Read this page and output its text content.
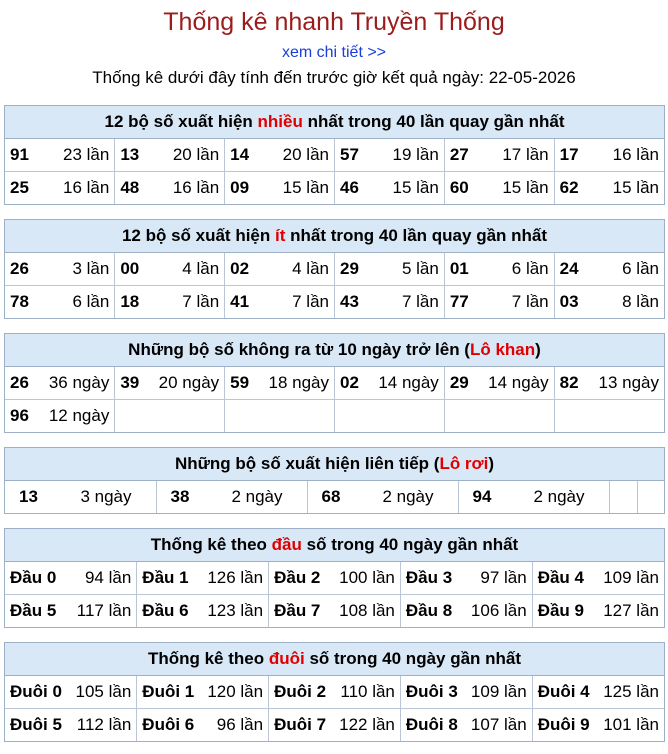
Thống kê nhanh Truyền Thống
xem chi tiết >>
Thống kê dưới đây tính đến trước giờ kết quả ngày: 22-05-2026
12 bộ số xuất hiện nhiều nhất trong 40 lần quay gần nhất
91 23 lần	13 20 lần	14 20 lần	57 19 lần	27 17 lần	17 16 lần

25 16 lần	48 16 lần	09 15 lần	46 15 lần	60 15 lần	62 15 lần
12 bộ số xuất hiện ít nhất trong 40 lần quay gần nhất
26 3 lần	00 4 lần	02 4 lần	29 5 lần	01 6 lần	24 6 lần

78 6 lần	18 7 lần	41 7 lần	43 7 lần	77 7 lần	03 8 lần
Những bộ số không ra từ 10 ngày trở lên (Lô khan)
26 36 ngày	39 20 ngày	59 18 ngày	02 14 ngày	29 14 ngày	82 13 ngày

96 12 ngày					

Những bộ số xuất hiện liên tiếp (Lô rơi)
13	3 ngày	38 2 ngày	68 2 ngày	94 2 ngày

Thống kê theo đầu số trong 40 ngày gần nhất
Đầu 0 94 lần	Đầu 1 126 lần	Đầu 2 100 lần	Đầu 3 97 lần	Đầu 4 109 lần

Đầu 5 117 lần	Đầu 6 123 lần	Đầu 7 108 lần	Đầu 8 106 lần	Đầu 9 127 lần
Thống kê theo đuôi số trong 40 ngày gần nhất
Đuôi 0 105 lần	Đuôi 1 120 lần	Đuôi 2 110 lần	Đuôi 3 109 lần	Đuôi 4 125 lần

Đuôi 5 112 lần	Đuôi 6 96 lần	Đuôi 7 122 lần	Đuôi 8 107 lần	Đuôi 9 101 lần
